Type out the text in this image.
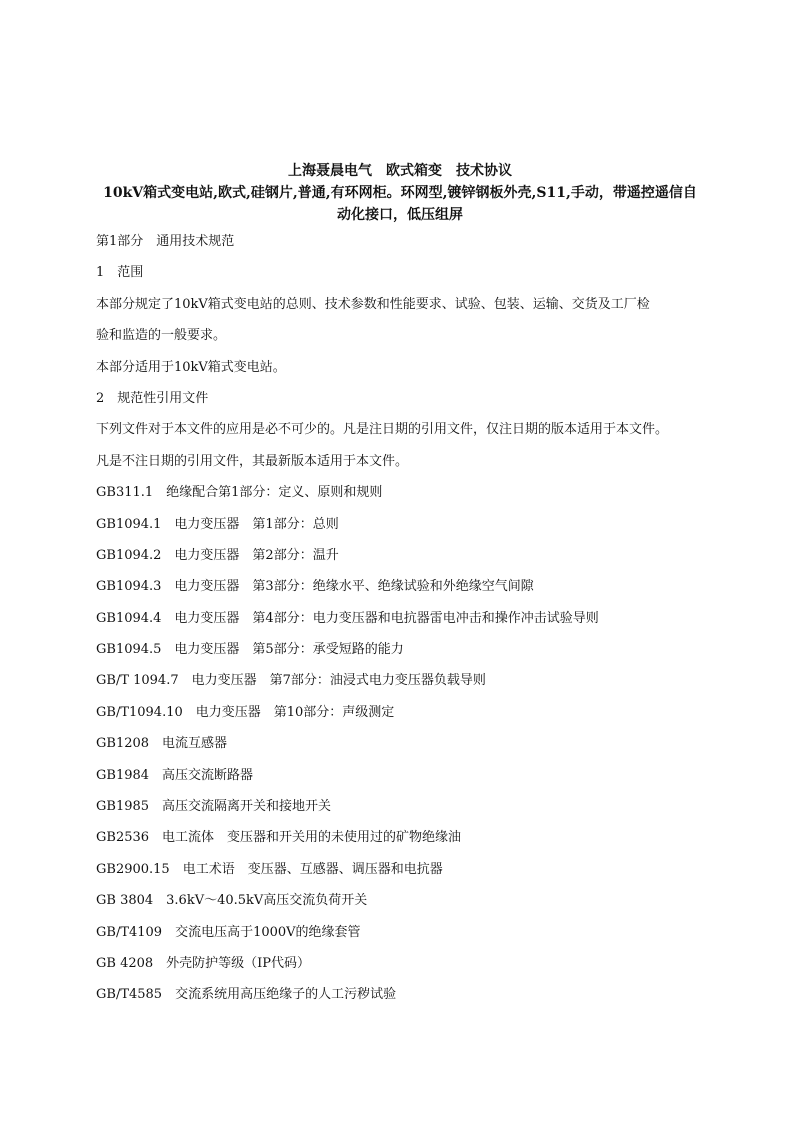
上海聂晨电气　欧式箱变　技术协议
10kV箱式变电站,欧式,硅钢片,普通,有环网柜。环网型,镀锌钢板外壳,S11,手动，带遥控遥信自
动化接口，低压组屏
第1部分　通用技术规范
1　范围
本部分规定了10kV箱式变电站的总则、技术参数和性能要求、试验、包装、运输、交货及工厂检
验和监造的一般要求。
本部分适用于10kV箱式变电站。
2　规范性引用文件
下列文件对于本文件的应用是必不可少的。凡是注日期的引用文件，仅注日期的版本适用于本文件。
凡是不注日期的引用文件，其最新版本适用于本文件。
GB311.1　绝缘配合第1部分：定义、原则和规则
GB1094.1　电力变压器　第1部分：总则
GB1094.2　电力变压器　第2部分：温升
GB1094.3　电力变压器　第3部分：绝缘水平、绝缘试验和外绝缘空气间隙
GB1094.4　电力变压器　第4部分：电力变压器和电抗器雷电冲击和操作冲击试验导则
GB1094.5　电力变压器　第5部分：承受短路的能力
GB/T 1094.7　电力变压器　第7部分：油浸式电力变压器负载导则
GB/T1094.10　电力变压器　第10部分：声级测定
GB1208　电流互感器
GB1984　高压交流断路器
GB1985　高压交流隔离开关和接地开关
GB2536　电工流体　变压器和开关用的未使用过的矿物绝缘油
GB2900.15　电工术语　变压器、互感器、调压器和电抗器
GB 3804　3.6kV～40.5kV高压交流负荷开关
GB/T4109　交流电压高于1000V的绝缘套管
GB 4208　外壳防护等级（IP代码）
GB/T4585　交流系统用高压绝缘子的人工污秽试验
